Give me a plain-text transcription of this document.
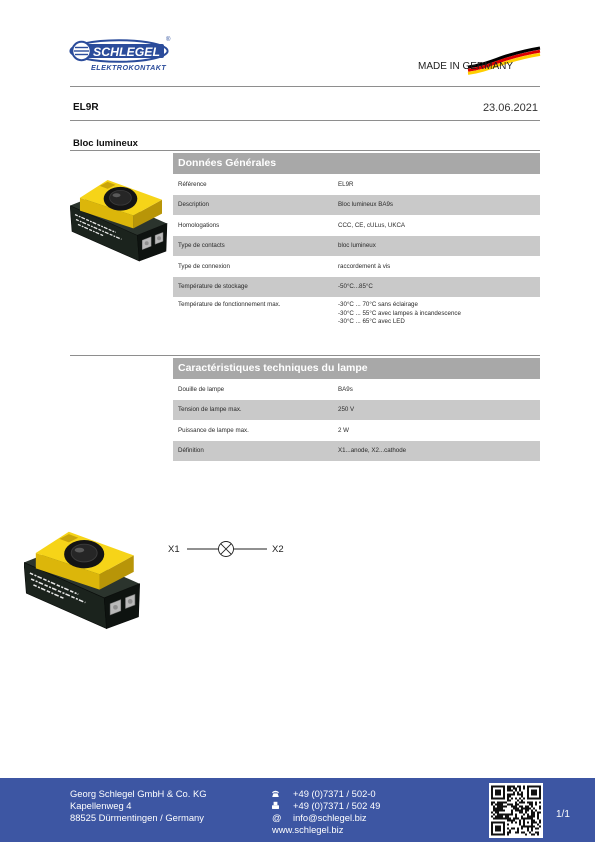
SCHLEGEL
®
ELEKTROKONTAKT	MADE IN GERMANY
EL9R	23.06.2021
Bloc lumineux
Données Générales
Référence	EL9R
Description	Bloc lumineux BA9s
Homologations	CCC, CE, cULus, UKCA
Type de contacts	bloc lumineux
Type de connexion	raccordement à vis
Température de stockage	-50°C...85°C
Température de fonctionnement max.	-30°C ... 70°C sans éclairage
-30°C ... 55°C avec lampes à incandescence
-30°C ... 65°C avec LED
Caractéristiques techniques du lampe
Douille de lampe	BA9s
Tension de lampe max.	250 V
Puissance de lampe max.	2 W
Définition	X1...anode, X2...cathode
X1	X2
Georg Schlegel GmbH & Co. KG
Kapellenweg 4
88525 Dürmentingen / Germany
+49 (0)7371 / 502-0
+49 (0)7371 / 502 49
@ info@schlegel.biz
www.schlegel.biz
1/1
